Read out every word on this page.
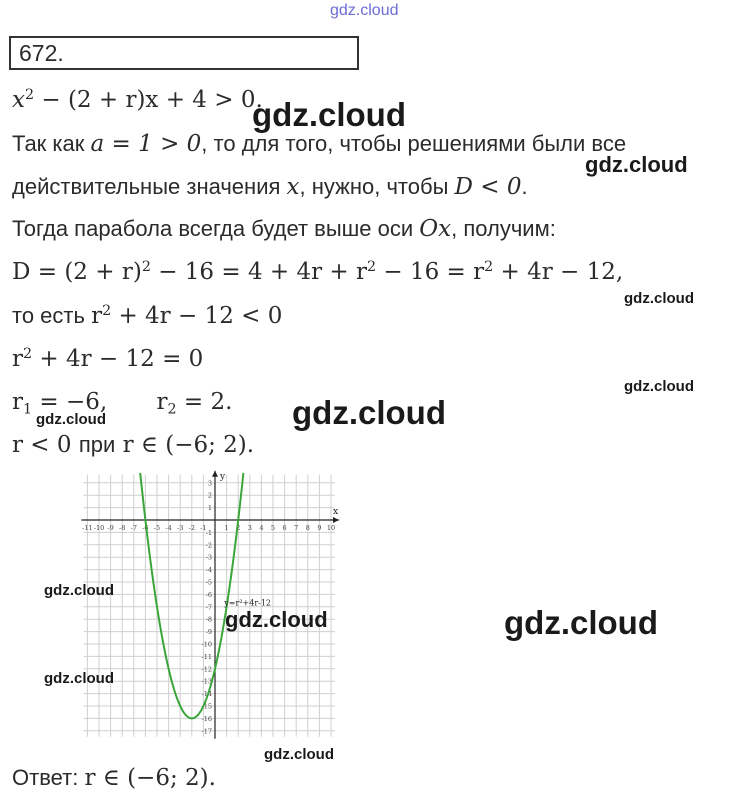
gdz.cloud
672.
$x^2 - (2 + r)x + 4 > 0$.
Так как a = 1 > 0, то для того, чтобы решениями были все
действительные значения x, нужно, чтобы D < 0.
Тогда парабола всегда будет выше оси Ox, получим:
$D = (2 + r)^2 - 16 = 4 + 4r + r^2 - 16 = r^2 + 4r - 12$,
то есть $r^2 + 4r - 12 < 0$
$r^2 + 4r - 12 = 0$
$r_1 = -6$, $r_2 = 2$.
r < 0 при r ∈ (−6; 2).
x
y
-11 -10 -9 -8 -7 -6 -5 -4 -3 -2 -1	1 2 3 4 5 6 7 8 9 10
3
2
1
-1
-2
-3
-4
-5
-6
-7
-8
-9
-10
-11
-12
-13
-14
-15
-16
-17
y=r²+4r-12
Ответ: r ∈ (−6; 2).
gdz.cloud
gdz.cloud
gdz.cloud
gdz.cloud
gdz.cloud
gdz.cloud
gdz.cloud
gdz.cloud	gdz.cloud
gdz.cloud
gdz.cloud
